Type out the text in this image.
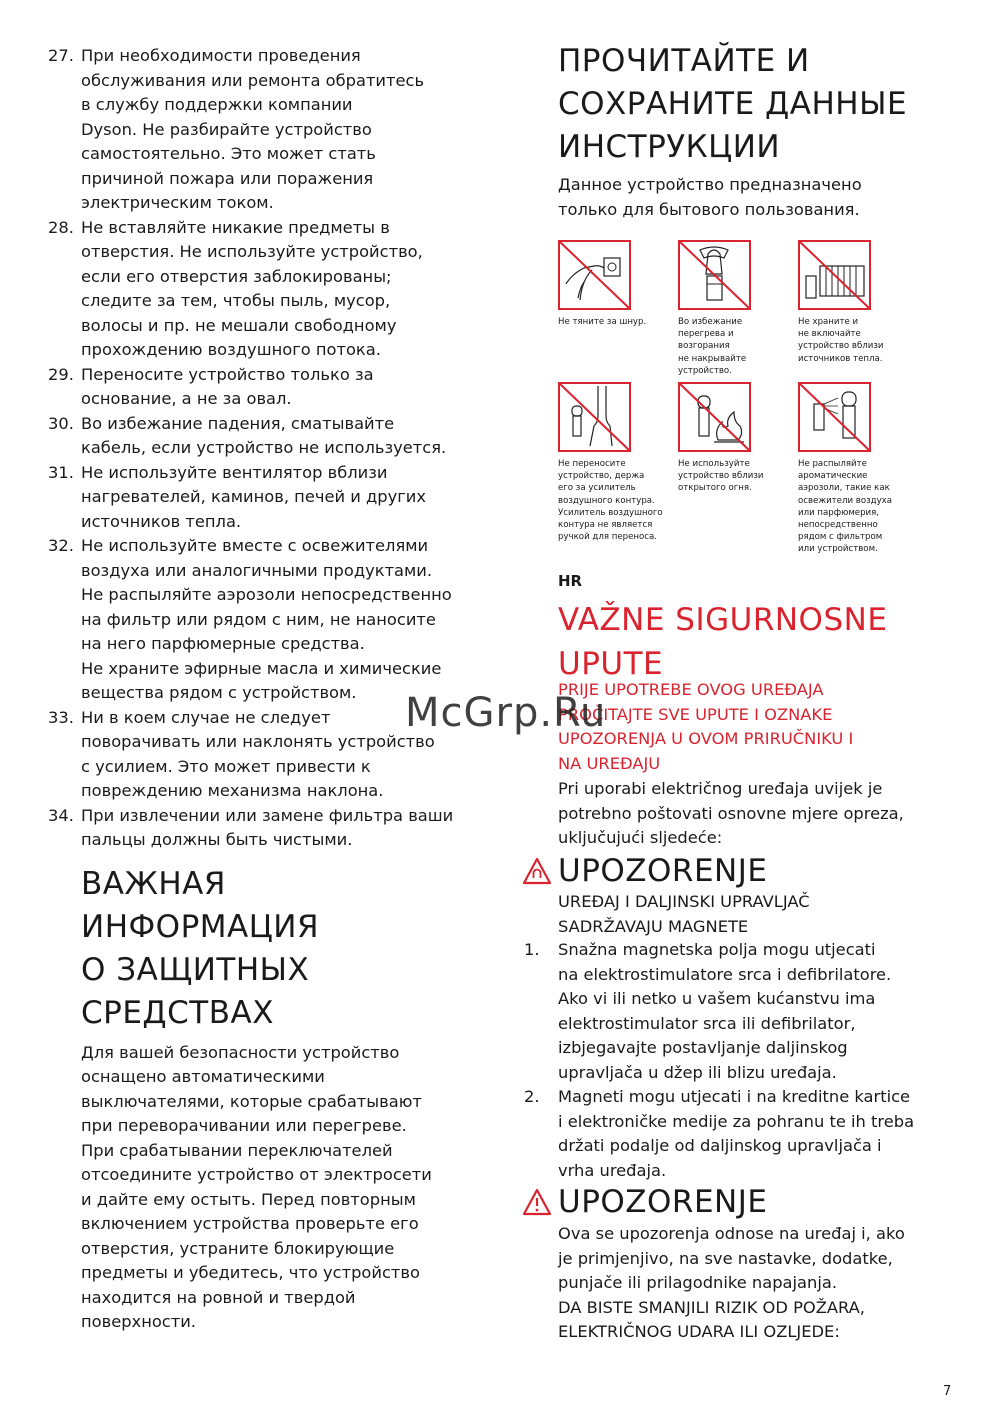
27. При необходимости проведения
обслуживания или ремонта обратитесь
в службу поддержки компании
Dyson. Не разбирайте устройство
самостоятельно. Это может стать
причиной пожара или поражения
электрическим током.
28. Не вставляйте никакие предметы в
отверстия. Не используйте устройство,
если его отверстия заблокированы;
следите за тем, чтобы пыль, мусор,
волосы и пр. не мешали свободному
прохождению воздушного потока.
29. Переносите устройство только за
основание, а не за овал.
30. Во избежание падения, сматывайте
кабель, если устройство не используется.
31. Не используйте вентилятор вблизи
нагревателей, каминов, печей и других
источников тепла.
32. Не используйте вместе с освежителями
воздуха или аналогичными продуктами.
Не распыляйте аэрозоли непосредственно
на фильтр или рядом с ним, не наносите
на него парфюмерные средства.
Не храните эфирные масла и химические
вещества рядом с устройством.
33. Ни в коем случае не следует
поворачивать или наклонять устройство
с усилием. Это может привести к
повреждению механизма наклона.
34. При извлечении или замене фильтра ваши
пальцы должны быть чистыми.
ВАЖНАЯ
ИНФОРМАЦИЯ
О ЗАЩИТНЫХ
СРЕДСТВАХ
Для вашей безопасности устройство
оснащено автоматическими
выключателями, которые срабатывают
при переворачивании или перегреве.
При срабатывании переключателей
отсоедините устройство от электросети
и дайте ему остыть. Перед повторным
включением устройства проверьте его
отверстия, устраните блокирующие
предметы и убедитесь, что устройство
находится на ровной и твердой
поверхности.
ПРОЧИТАЙТЕ И
СОХРАНИТЕ ДАННЫЕ
ИНСТРУКЦИИ
Данное устройство предназначено
только для бытового пользования.
Не тяните за шнур.	Во избежание
перегрева и
возгорания
не накрывайте
устройство.
Не храните и
не включайте
устройство вблизи
источников тепла.
Не переносите
устройство, держа
его за усилитель
воздушного контура.
Усилитель воздушного
контура не является
ручкой для переноса.
Не используйте
устройство вблизи
открытого огня.
Не распыляйте
ароматические
аэрозоли, такие как
освежители воздуха
или парфюмерия,
непосредственно
рядом с фильтром
или устройством.
HR
VAŽNE SIGURNOSNE
UPUTE
PRIJE UPOTREBE OVOG UREĐAJA
PROČITAJTE SVE UPUTE I OZNAKE
UPOZORENJA U OVOM PRIRUČNIKU I
NA UREĐAJU
Pri uporabi električnog uređaja uvijek je
potrebno poštovati osnovne mjere opreza,
uključujući sljedeće:
UPOZORENJE
UREĐAJ I DALJINSKI UPRAVLJAČ
SADRŽAVAJU MAGNETE
1. Snažna magnetska polja mogu utjecati
na elektrostimulatore srca i defibrilatore.
Ako vi ili netko u vašem kućanstvu ima
elektrostimulator srca ili defibrilator,
izbjegavajte postavljanje daljinskog
upravljača u džep ili blizu uređaja.
2. Magneti mogu utjecati i na kreditne kartice
i elektroničke medije za pohranu te ih treba
držati podalje od daljinskog upravljača i
vrha uređaja.
UPOZORENJE
Ova se upozorenja odnose na uređaj i, ako
je primjenjivo, na sve nastavke, dodatke,
punjače ili prilagodnike napajanja.
DA BISTE SMANJILI RIZIK OD POŽARA,
ELEKTRIČNOG UDARA ILI OZLJEDE:
McGrp.Ru
7
